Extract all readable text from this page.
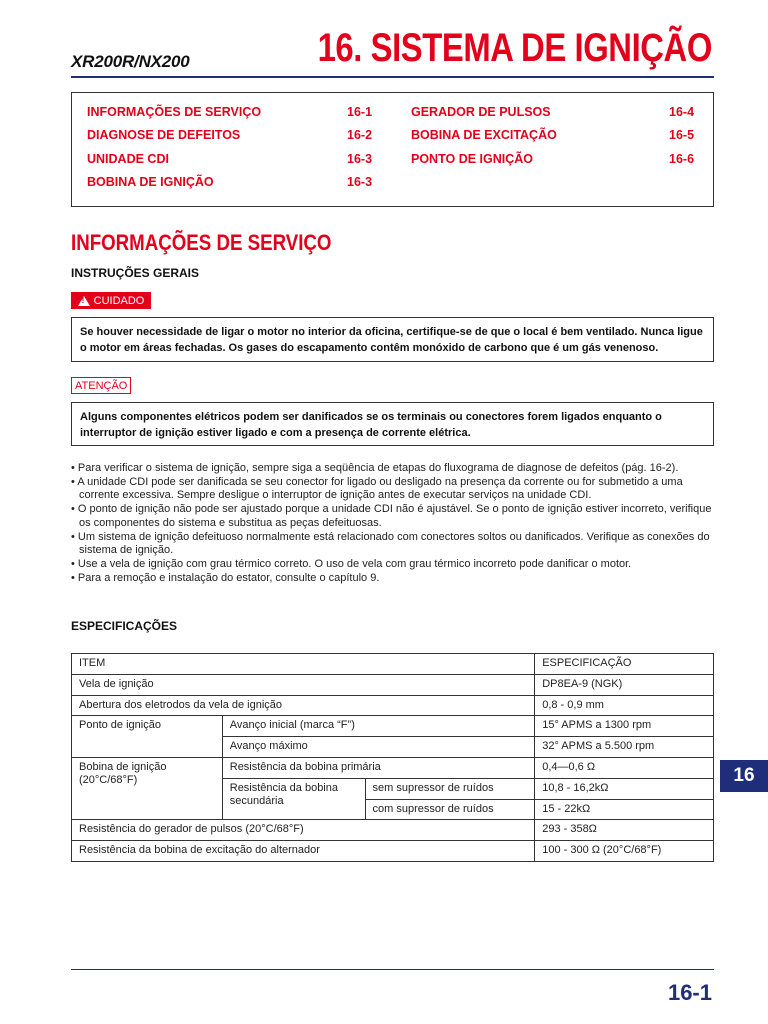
XR200R/NX200	16. SISTEMA DE IGNIÇÃO
INFORMAÇÕES DE SERVIÇO	16-1
DIAGNOSE DE DEFEITOS	16-2
UNIDADE CDI	16-3
BOBINA DE IGNIÇÃO	16-3
GERADOR DE PULSOS	16-4
BOBINA DE EXCITAÇÃO	16-5
PONTO DE IGNIÇÃO	16-6
INFORMAÇÕES DE SERVIÇO
INSTRUÇÕES GERAIS
!
CUIDADO
Se houver necessidade de ligar o motor no interior da oficina, certifique-se de que o local é bem ventilado. Nunca ligue o motor em áreas fechadas. Os gases do escapamento contêm monóxido de carbono que é um gás venenoso.
ATENÇÃO
Alguns componentes elétricos podem ser danificados se os terminais ou conectores forem ligados enquanto o interruptor de ignição estiver ligado e com a presença de corrente elétrica.
• Para verificar o sistema de ignição, sempre siga a seqüência de etapas do fluxograma de diagnose de defeitos (pág. 16-2).
• A unidade CDI pode ser danificada se seu conector for ligado ou desligado na presença da corrente ou for submetido a uma corrente excessiva. Sempre desligue o interruptor de ignição antes de executar serviços na unidade CDI.
• O ponto de ignição não pode ser ajustado porque a unidade CDI não é ajustável. Se o ponto de ignição estiver incorreto, verifique os componentes do sistema e substitua as peças defeituosas.
• Um sistema de ignição defeituoso normalmente está relacionado com conectores soltos ou danificados. Verifique as conexões do sistema de ignição.
• Use a vela de ignição com grau térmico correto. O uso de vela com grau térmico incorreto pode danificar o motor.
• Para a remoção e instalação do estator, consulte o capítulo 9.
ESPECIFICAÇÕES
ITEM			ESPECIFICAÇÃO
Vela de ignição			DP8EA-9 (NGK)
Abertura dos eletrodos da vela de ignição			0,8 - 0,9 mm
Ponto de ignição	Avanço inicial (marca “F”)		15° APMS a 1300 rpm
	Avanço máximo		32° APMS a 5.500 rpm
Bobina de ignição (20°C/68°F)	Resistência da bobina primária		0,4—0,6 Ω
	Resistência da bobina secundária	sem supressor de ruídos	10,8 - 16,2kΩ
		com supressor de ruídos	15 - 22kΩ
Resistência do gerador de pulsos (20°C/68°F)			293 - 358Ω
Resistência da bobina de excitação do alternador			100 - 300 Ω (20°C/68°F)
16
16-1
